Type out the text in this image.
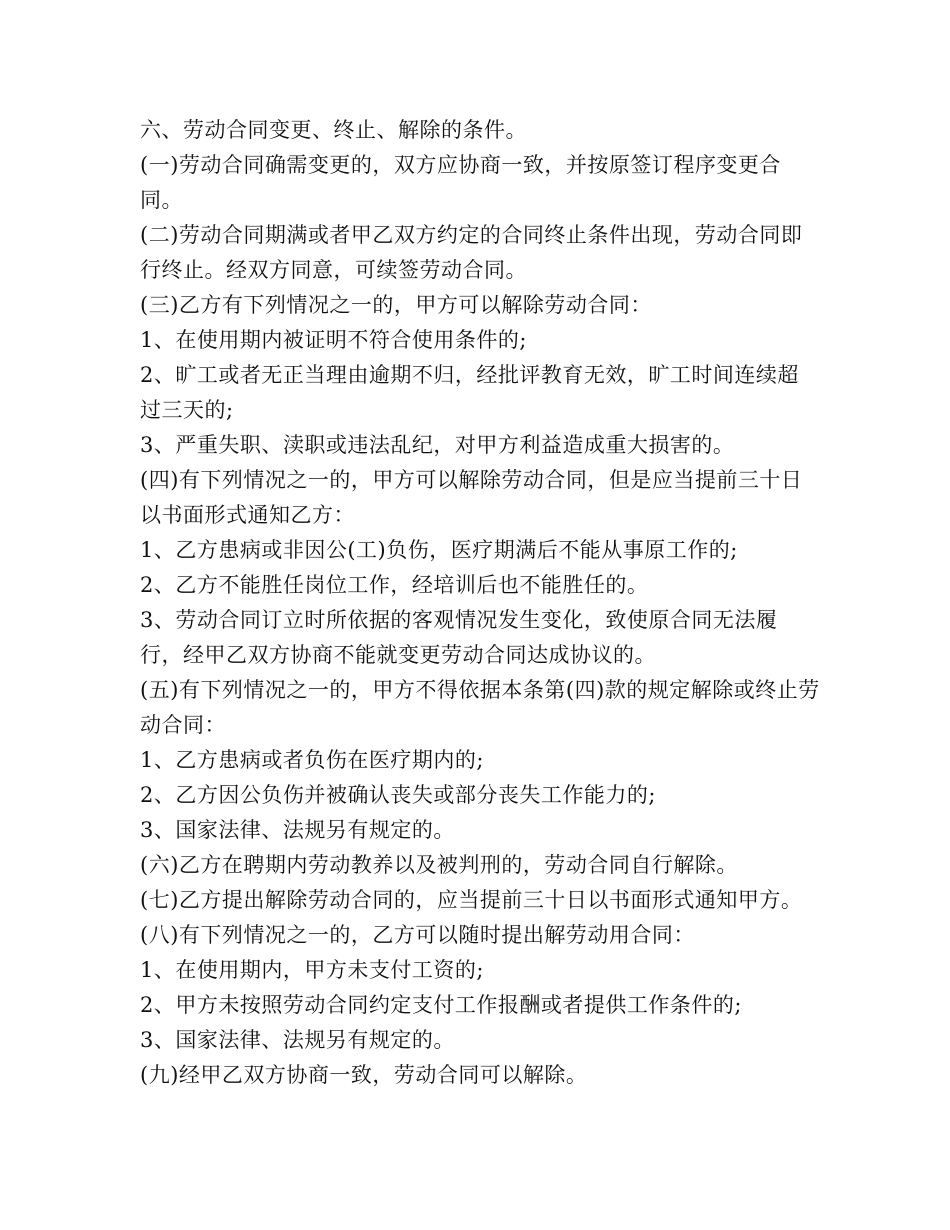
六、劳动合同变更、终止、解除的条件。

(一)劳动合同确需变更的，双方应协商一致，并按原签订程序变更合同。

(二)劳动合同期满或者甲乙双方约定的合同终止条件出现，劳动合同即行终止。经双方同意，可续签劳动合同。

(三)乙方有下列情况之一的，甲方可以解除劳动合同：

1、在使用期内被证明不符合使用条件的;

2、旷工或者无正当理由逾期不归，经批评教育无效，旷工时间连续超过三天的;

3、严重失职、渎职或违法乱纪，对甲方利益造成重大损害的。

(四)有下列情况之一的，甲方可以解除劳动合同，但是应当提前三十日以书面形式通知乙方：

1、乙方患病或非因公(工)负伤，医疗期满后不能从事原工作的;

2、乙方不能胜任岗位工作，经培训后也不能胜任的。

3、劳动合同订立时所依据的客观情况发生变化，致使原合同无法履行，经甲乙双方协商不能就变更劳动合同达成协议的。

(五)有下列情况之一的，甲方不得依据本条第(四)款的规定解除或终止劳动合同：

1、乙方患病或者负伤在医疗期内的;

2、乙方因公负伤并被确认丧失或部分丧失工作能力的;

3、国家法律、法规另有规定的。

(六)乙方在聘期内劳动教养以及被判刑的，劳动合同自行解除。

(七)乙方提出解除劳动合同的，应当提前三十日以书面形式通知甲方。

(八)有下列情况之一的，乙方可以随时提出解劳动用合同：

1、在使用期内，甲方未支付工资的;

2、甲方未按照劳动合同约定支付工作报酬或者提供工作条件的;

3、国家法律、法规另有规定的。

(九)经甲乙双方协商一致，劳动合同可以解除。
